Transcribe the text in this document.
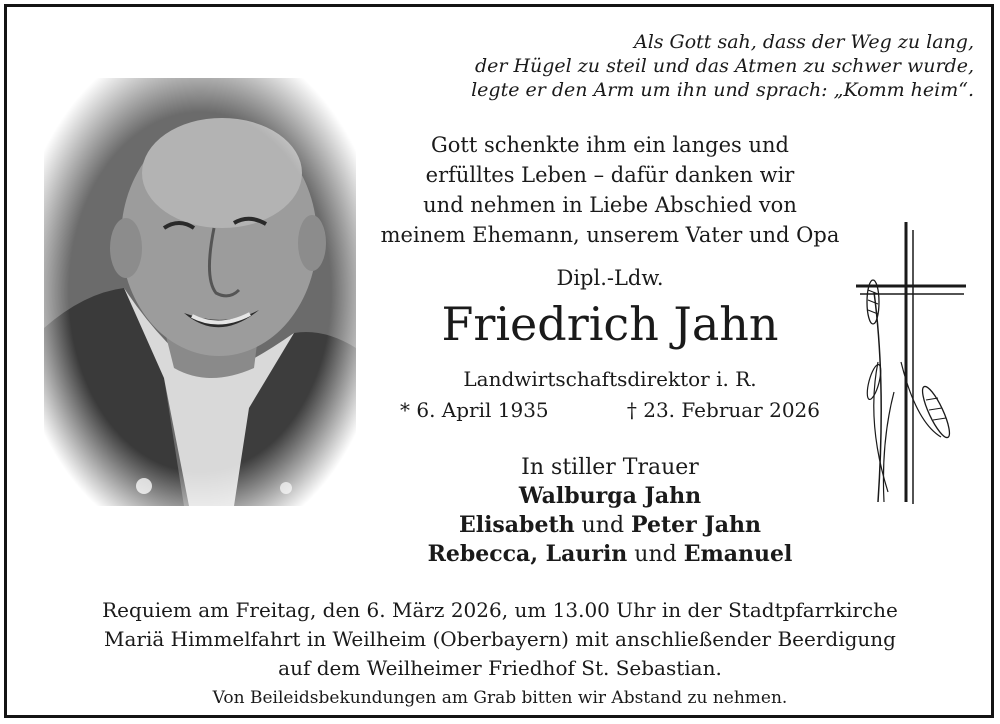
Als Gott sah, dass der Weg zu lang,
der Hügel zu steil und das Atmen zu schwer wurde,
legte er den Arm um ihn und sprach: „Komm heim“.
Gott schenkte ihm ein langes und
erfülltes Leben – dafür danken wir
und nehmen in Liebe Abschied von
meinem Ehemann, unserem Vater und Opa
Dipl.-Ldw.
Friedrich Jahn
Landwirtschaftsdirektor i. R.
* 6. April 1935	† 23. Februar 2026
In stiller Trauer
Walburga Jahn
Elisabeth und Peter Jahn
Rebecca, Laurin und Emanuel
Requiem am Freitag, den 6. März 2026, um 13.00 Uhr in der Stadtpfarrkirche
Mariä Himmelfahrt in Weilheim (Oberbayern) mit anschließender Beerdigung
auf dem Weilheimer Friedhof St. Sebastian.
Von Beileidsbekundungen am Grab bitten wir Abstand zu nehmen.
